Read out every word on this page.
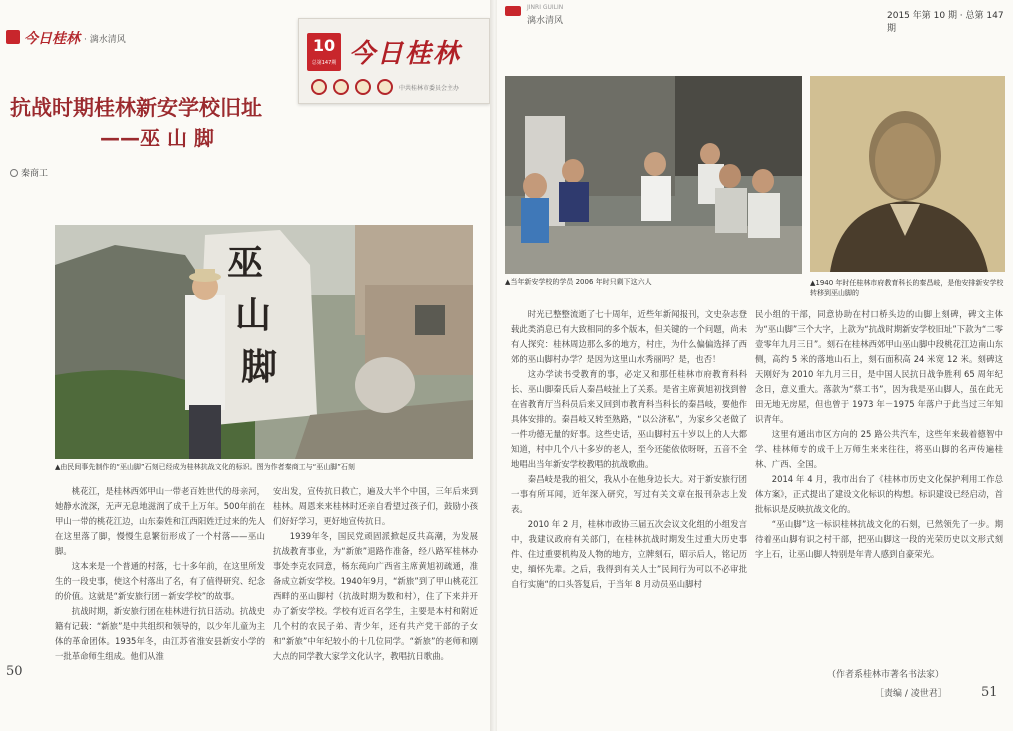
今日桂林 · 漓水清风	10
总第147期 今日桂林
中共桂林市委员会主办
抗战时期桂林新安学校旧址
——巫 山 脚
秦商工
巫
山
脚
▲由民间事先制作的“巫山脚”石刻已经成为桂林抗战文化的标识。图为作者秦商工与“巫山脚”石刻

桃花江，是桂林西郊甲山一带老百姓世代的母亲河，她静水流深，无声无息地滋润了成千上万年。500年前在甲山一带的桃花江边，山东秦姓和江西阳姓迁过来的先人在这里落了脚，慢慢生息繁衍形成了一个村落——巫山脚。

这本来是一个普通的村落，七十多年前，在这里所发生的一段史事，使这个村落出了名，有了值得研究、纪念的价值。这就是“新安旅行团－新安学校”的故事。

抗战时期，新安旅行团在桂林进行抗日活动。抗战史籍有记载：“新旅”是中共组织和领导的，以少年儿童为主体的革命团体。1935年冬，由江苏省淮安县新安小学的一批革命师生组成。他们从淮

安出发，宣传抗日救亡，遍及大半个中国，三年后来到桂林。周恩来来桂林时还亲自看望过孩子们，鼓励小孩们好好学习，更好地宣传抗日。

1939年冬，国民党顽固派掀起反共高潮，为发展抗战教育事业，为“新旅”退路作准备，经八路军桂林办事处李克农同意，杨东莼向广西省主席黄旭初疏通，准备成立新安学校。1940年9月，“新旅”到了甲山桃花江西畔的巫山脚村（抗战时期为数和村），住了下来并开办了新安学校。学校有近百名学生，主要是本村和附近几个村的农民子弟、青少年，还有共产党干部的子女和“新旅”中年纪较小的十几位同学。“新旅”的老师和刚大点的同学教大家学文化认字，教唱抗日歌曲。

50
JINRI GUILIN
漓水清风	2015 年第 10 期 · 总第 147 期
▲当年新安学校的学员 2006 年时只剩下这六人	▲1940 年时任桂林市府教育科长的秦昌岐，是他安排新安学校转移到巫山脚的

时光已整整流逝了七十周年，近些年新闻报刊，文史杂志登载此类消息已有大致相同的多个版本，但关键的一个问题，尚未有人探究：桂林周边那么多的地方，村庄，为什么偏偏选择了西郊的巫山脚村办学？是因为这里山水秀丽吗？是，也否！

这办学读书受教育的事，必定又和那任桂林市府教育科科长、巫山脚秦氏后人秦昌岐扯上了关系。是省主席黄旭初找到曾在省教育厅当科员后来又回到市教育科当科长的秦昌岐，要他作具体安排的。秦昌岐又转至熟路，“以公济私”，为家乡父老做了一件功德无量的好事。这些史话，巫山脚村五十岁以上的人大都知道，村中几个八十多岁的老人，至今还能依依呀呀，五音不全地唱出当年新安学校教唱的抗战歌曲。

秦昌岐是我的祖父，我从小在他身边长大。对于新安旅行团一事有所耳闻，近年深入研究，写过有关文章在报刊杂志上发表。

2010 年 2 月，桂林市政协三届五次会议文化组的小组发言中，我建议政府有关部门，在桂林抗战时期发生过重大历史事件、住过重要机构及人物的地方，立牌刻石，昭示后人，铭记历史，缅怀先辈。之后，我得到有关人士”民间行为可以不必审批自行实施“的口头答复后，于当年 8 月动员巫山脚村

民小组的干部，同意协助在村口桥头边的山脚上刻碑，碑文主体为“巫山脚”三个大字，上款为“抗战时期新安学校旧址”下款为“二零壹零年九月三日”。刻石在桂林西郊甲山巫山脚中段桃花江边南山东侧，高约 5 米的落地山石上，刻石面积高 24 米宽 12 米。刻碑这天刚好为 2010 年九月三日，是中国人民抗日战争胜利 65 周年纪念日，意义重大。落款为“蔡工书”，因为我是巫山脚人，虽在此无田无地无房屋，但也曾于 1973 年－1975 年落户于此当过三年知识青年。

这里有通出市区方向的 25 路公共汽车，这些年来载着德智中学、桂林师专的成千上万师生来来往往，将巫山脚的名声传遍桂林、广西、全国。

2014 年 4 月，我市出台了《桂林市历史文化保护利用工作总体方案》，正式提出了建设文化标识的构想。标识建设已经启动，首批标识是反映抗战文化的。

“巫山脚”这一标识桂林抗战文化的石刻，已然领先了一步。期待着巫山脚有识之村干部，把巫山脚这一段的光荣历史以文形式刻字上石，让巫山脚人特别是年青人感到自豪荣光。

（作者系桂林市著名书法家）
［责编 / 凌世君］	51
